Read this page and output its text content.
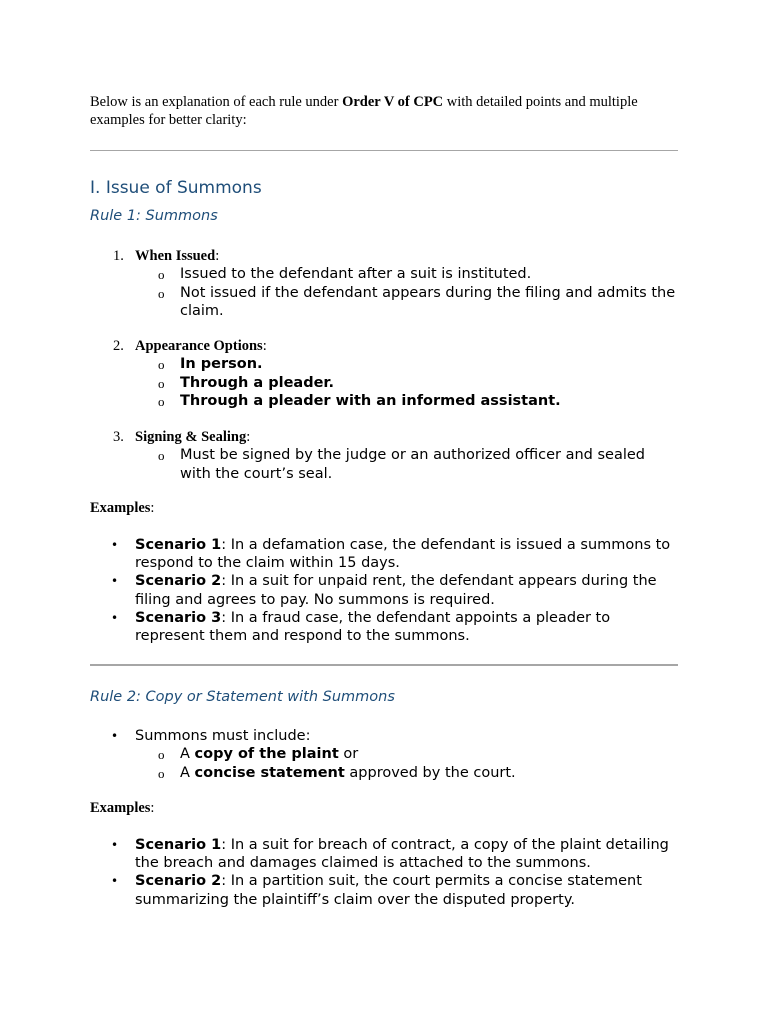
Below is an explanation of each rule under Order V of CPC with detailed points and multiple examples for better clarity:
I. Issue of Summons
Rule 1: Summons
1. When Issued:
o Issued to the defendant after a suit is instituted.
o Not issued if the defendant appears during the filing and admits the claim.
2. Appearance Options:
o In person.
o Through a pleader.
o Through a pleader with an informed assistant.
3. Signing & Sealing:
o Must be signed by the judge or an authorized officer and sealed with the court’s seal.
Examples:
• Scenario 1: In a defamation case, the defendant is issued a summons to respond to the claim within 15 days.
• Scenario 2: In a suit for unpaid rent, the defendant appears during the filing and agrees to pay. No summons is required.
• Scenario 3: In a fraud case, the defendant appoints a pleader to represent them and respond to the summons.
Rule 2: Copy or Statement with Summons
• Summons must include:
o A copy of the plaint or
o A concise statement approved by the court.
Examples:
• Scenario 1: In a suit for breach of contract, a copy of the plaint detailing the breach and damages claimed is attached to the summons.
• Scenario 2: In a partition suit, the court permits a concise statement summarizing the plaintiff’s claim over the disputed property.
